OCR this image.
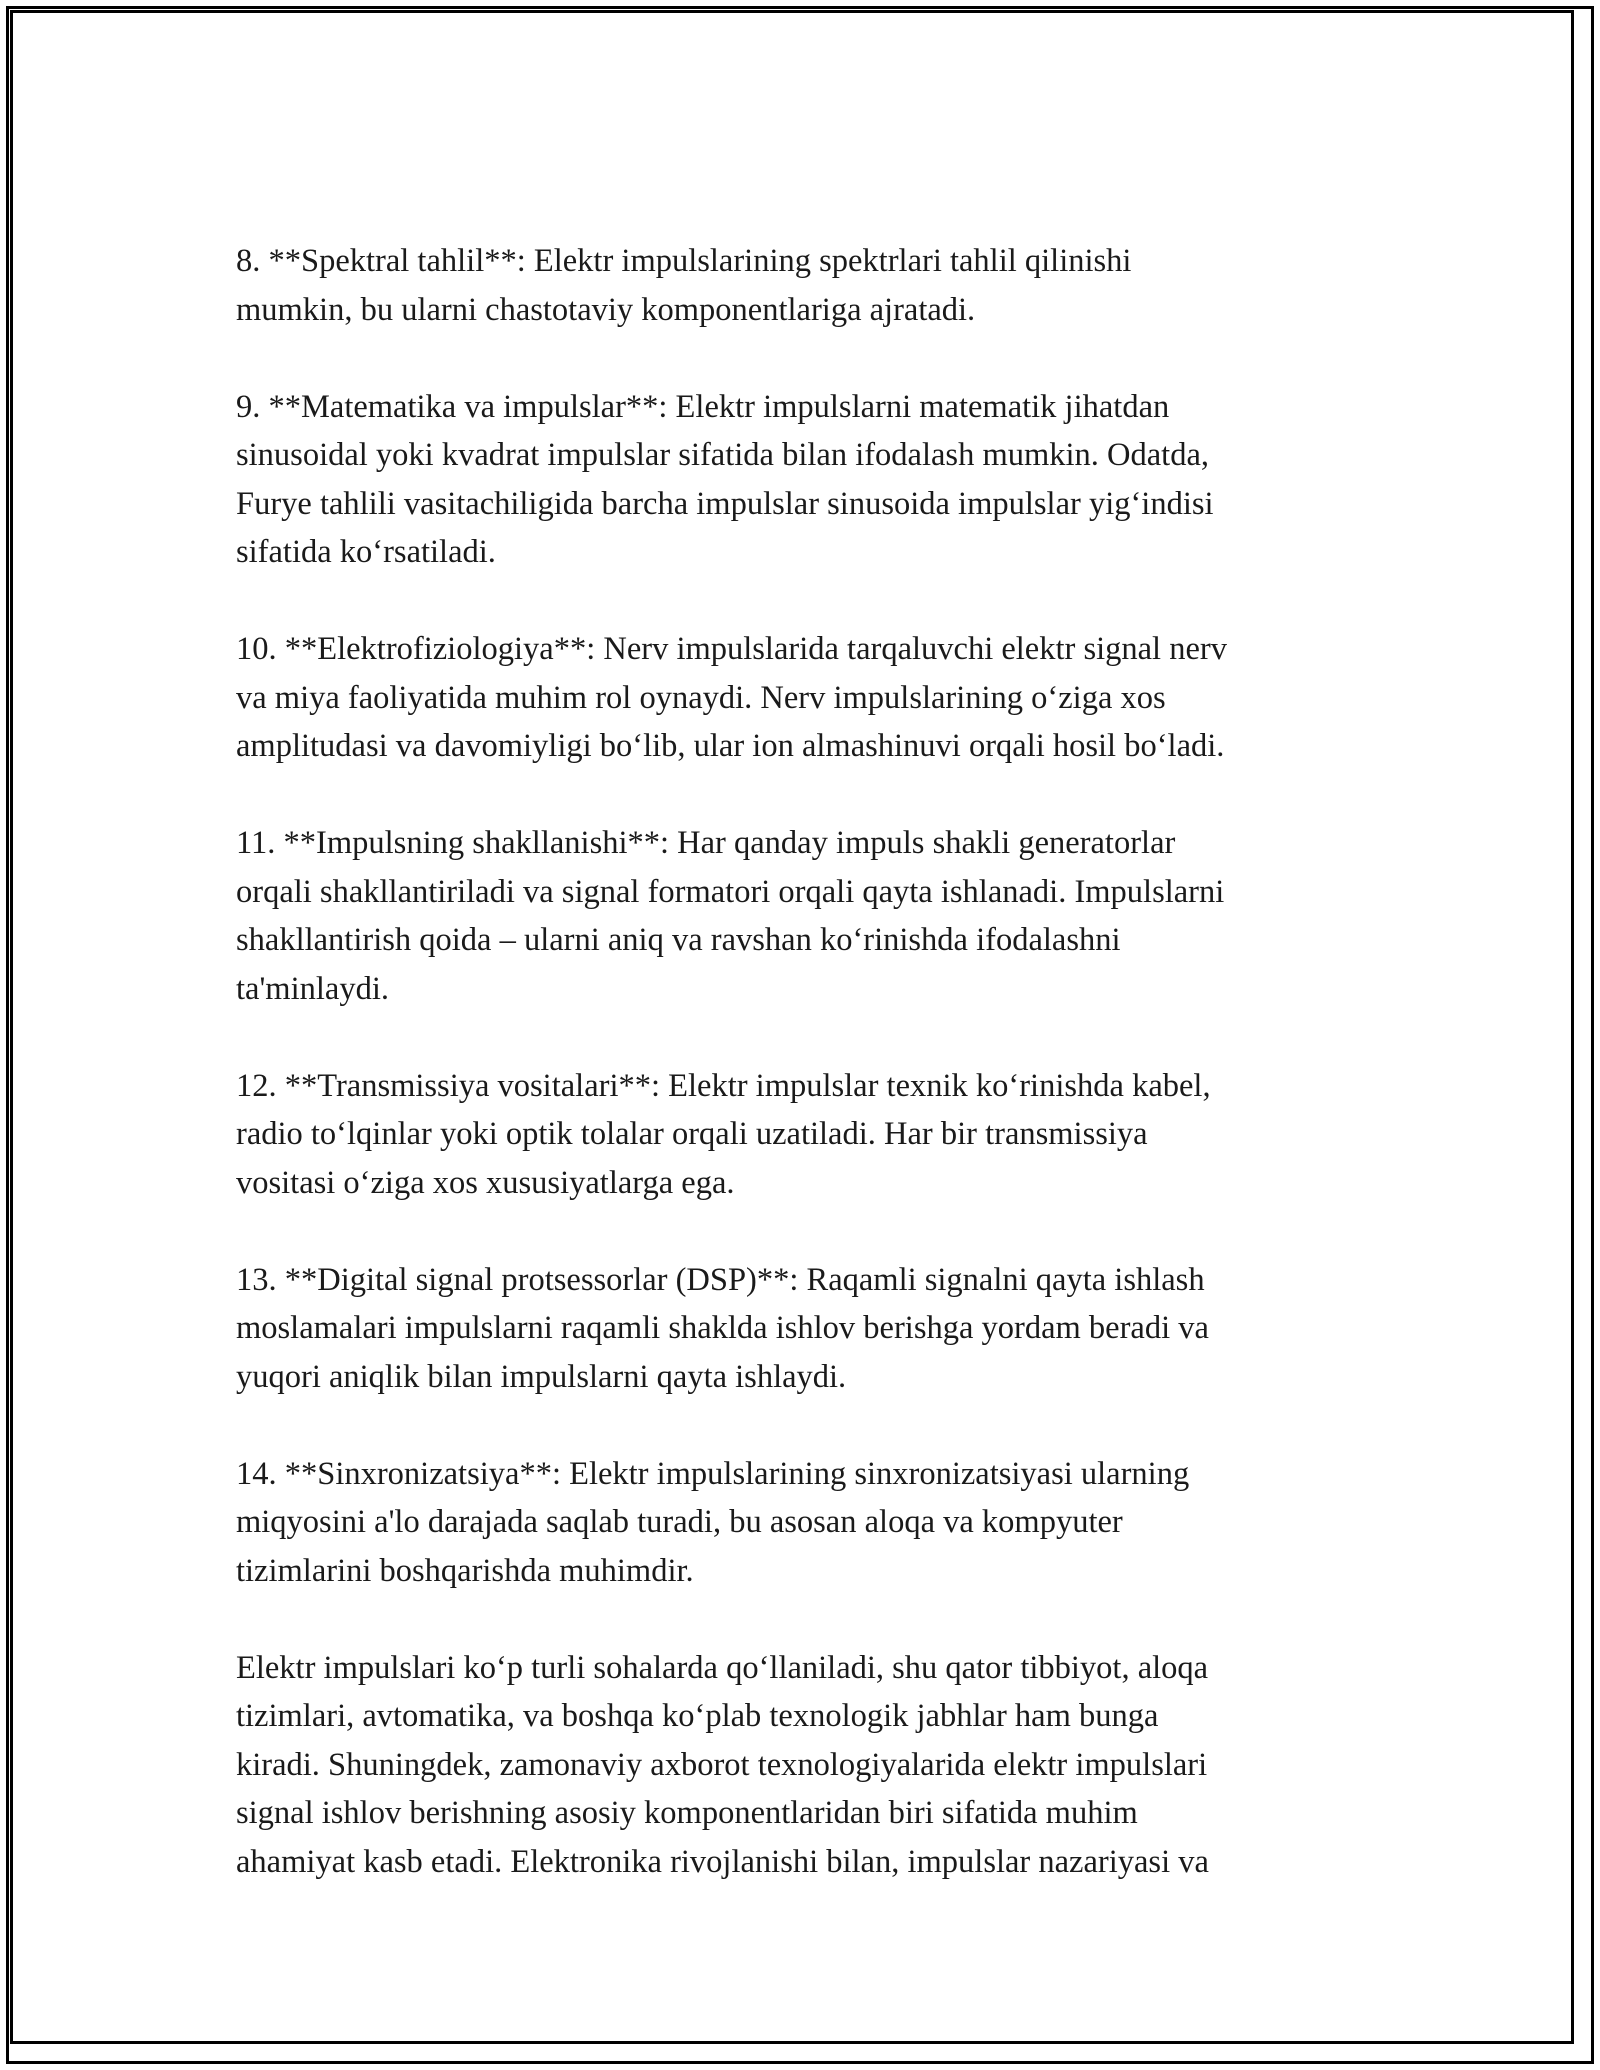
8. **Spektral tahlil**: Elektr impulslarining spektrlari tahlil qilinishi
mumkin, bu ularni chastotaviy komponentlariga ajratadi.

9. **Matematika va impulslar**: Elektr impulslarni matematik jihatdan
sinusoidal yoki kvadrat impulslar sifatida bilan ifodalash mumkin. Odatda,
Furye tahlili vasitachiligida barcha impulslar sinusoida impulslar yig‘indisi
sifatida ko‘rsatiladi.

10. **Elektrofiziologiya**: Nerv impulslarida tarqaluvchi elektr signal nerv
va miya faoliyatida muhim rol oynaydi. Nerv impulslarining o‘ziga xos
amplitudasi va davomiyligi bo‘lib, ular ion almashinuvi orqali hosil bo‘ladi.

11. **Impulsning shakllanishi**: Har qanday impuls shakli generatorlar
orqali shakllantiriladi va signal formatori orqali qayta ishlanadi. Impulslarni
shakllantirish qoida – ularni aniq va ravshan ko‘rinishda ifodalashni
ta'minlaydi.

12. **Transmissiya vositalari**: Elektr impulslar texnik ko‘rinishda kabel,
radio to‘lqinlar yoki optik tolalar orqali uzatiladi. Har bir transmissiya
vositasi o‘ziga xos xususiyatlarga ega.

13. **Digital signal protsessorlar (DSP)**: Raqamli signalni qayta ishlash
moslamalari impulslarni raqamli shaklda ishlov berishga yordam beradi va
yuqori aniqlik bilan impulslarni qayta ishlaydi.

14. **Sinxronizatsiya**: Elektr impulslarining sinxronizatsiyasi ularning
miqyosini a'lo darajada saqlab turadi, bu asosan aloqa va kompyuter
tizimlarini boshqarishda muhimdir.

Elektr impulslari ko‘p turli sohalarda qo‘llaniladi, shu qator tibbiyot, aloqa
tizimlari, avtomatika, va boshqa ko‘plab texnologik jabhlar ham bunga
kiradi. Shuningdek, zamonaviy axborot texnologiyalarida elektr impulslari
signal ishlov berishning asosiy komponentlaridan biri sifatida muhim
ahamiyat kasb etadi. Elektronika rivojlanishi bilan, impulslar nazariyasi va
